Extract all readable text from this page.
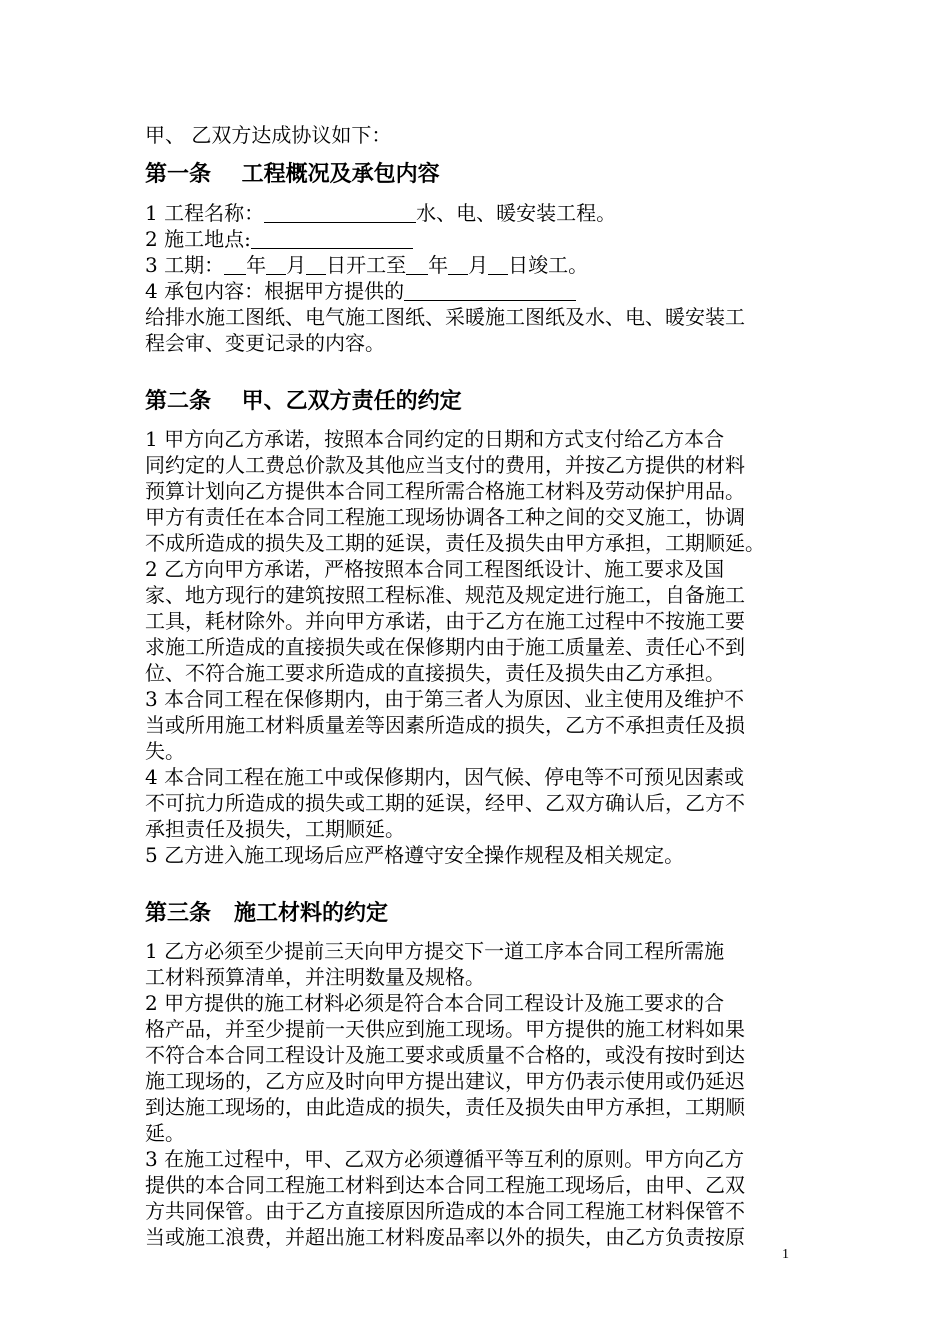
甲、 乙双方达成协议如下：

第一条    工程概况及承包内容

1 工程名称：	水、电、暖安装工程。

2 施工地点:

3 工期： 年 月 日开工至 年 月 日竣工。

4 承包内容：根据甲方提供的

给排水施工图纸、电气施工图纸、采暖施工图纸及水、电、暖安装工

程会审、变更记录的内容。

第二条    甲、乙双方责任的约定

1 甲方向乙方承诺，按照本合同约定的日期和方式支付给乙方本合

同约定的人工费总价款及其他应当支付的费用，并按乙方提供的材料

预算计划向乙方提供本合同工程所需合格施工材料及劳动保护用品。

甲方有责任在本合同工程施工现场协调各工种之间的交叉施工，协调

不成所造成的损失及工期的延误，责任及损失由甲方承担，工期顺延。

2 乙方向甲方承诺，严格按照本合同工程图纸设计、施工要求及国

家、地方现行的建筑按照工程标准、规范及规定进行施工，自备施工

工具，耗材除外。并向甲方承诺，由于乙方在施工过程中不按施工要

求施工所造成的直接损失或在保修期内由于施工质量差、责任心不到

位、不符合施工要求所造成的直接损失，责任及损失由乙方承担。

3 本合同工程在保修期内，由于第三者人为原因、业主使用及维护不

当或所用施工材料质量差等因素所造成的损失，乙方不承担责任及损

失。

4 本合同工程在施工中或保修期内，因气候、停电等不可预见因素或

不可抗力所造成的损失或工期的延误，经甲、乙双方确认后，乙方不

承担责任及损失，工期顺延。

5 乙方进入施工现场后应严格遵守安全操作规程及相关规定。

第三条   施工材料的约定

1 乙方必须至少提前三天向甲方提交下一道工序本合同工程所需施

工材料预算清单，并注明数量及规格。

2 甲方提供的施工材料必须是符合本合同工程设计及施工要求的合

格产品，并至少提前一天供应到施工现场。甲方提供的施工材料如果

不符合本合同工程设计及施工要求或质量不合格的，或没有按时到达

施工现场的，乙方应及时向甲方提出建议，甲方仍表示使用或仍延迟

到达施工现场的，由此造成的损失，责任及损失由甲方承担，工期顺

延。

3 在施工过程中，甲、乙双方必须遵循平等互利的原则。甲方向乙方

提供的本合同工程施工材料到达本合同工程施工现场后，由甲、乙双

方共同保管。由于乙方直接原因所造成的本合同工程施工材料保管不

当或施工浪费，并超出施工材料废品率以外的损失，由乙方负责按原

1
